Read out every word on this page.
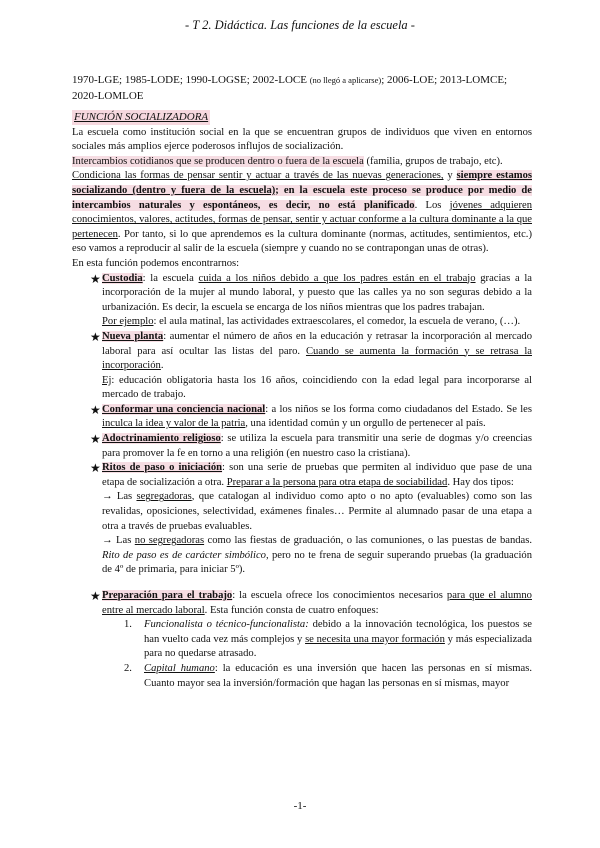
- T 2. Didáctica. Las funciones de la escuela -
1970-LGE; 1985-LODE; 1990-LOGSE; 2002-LOCE (no llegó a aplicarse); 2006-LOE; 2013-LOMCE;
2020-LOMLOE
FUNCIÓN SOCIALIZADORA

La escuela como institución social en la que se encuentran grupos de individuos que viven en entornos sociales más amplios ejerce poderosos influjos de socialización.

Intercambios cotidianos que se producen dentro o fuera de la escuela (familia, grupos de trabajo, etc).

Condiciona las formas de pensar sentir y actuar a través de las nuevas generaciones, y siempre estamos socializando (dentro y fuera de la escuela); en la escuela este proceso se produce por medio de intercambios naturales y espontáneos, es decir, no está planificado. Los jóvenes adquieren conocimientos, valores, actitudes, formas de pensar, sentir y actuar conforme a la cultura dominante a la que pertenecen. Por tanto, si lo que aprendemos es la cultura dominante (normas, actitudes, sentimientos, etc.) eso vamos a reproducir al salir de la escuela (siempre y cuando no se contrapongan unas de otras).

En esta función podemos encontrarnos:

★ Custodia: la escuela cuida a los niños debido a que los padres están en el trabajo gracias a la incorporación de la mujer al mundo laboral, y puesto que las calles ya no son seguras debido a la urbanización. Es decir, la escuela se encarga de los niños mientras que los padres trabajan.

Por ejemplo: el aula matinal, las actividades extraescolares, el comedor, la escuela de verano, (…).

★ Nueva planta: aumentar el número de años en la educación y retrasar la incorporación al mercado laboral para así ocultar las listas del paro. Cuando se aumenta la formación y se retrasa la incorporación.

Ej: educación obligatoria hasta los 16 años, coincidiendo con la edad legal para incorporarse al mercado de trabajo.

★ Conformar una conciencia nacional: a los niños se los forma como ciudadanos del Estado. Se les inculca la idea y valor de la patria, una identidad común y un orgullo de pertenecer al país.

★ Adoctrinamiento religioso: se utiliza la escuela para transmitir una serie de dogmas y/o creencias para promover la fe en torno a una religión (en nuestro caso la cristiana).

★ Ritos de paso o iniciación: son una serie de pruebas que permiten al individuo que pase de una etapa de socialización a otra. Preparar a la persona para otra etapa de sociabilidad. Hay dos tipos:

→ Las segregadoras, que catalogan al individuo como apto o no apto (evaluables) como son las revalidas, oposiciones, selectividad, exámenes finales… Permite al alumnado pasar de una etapa a otra a través de pruebas evaluables.

→ Las no segregadoras como las fiestas de graduación, o las comuniones, o las puestas de bandas. Rito de paso es de carácter simbólico, pero no te frena de seguir superando pruebas (la graduación de 4º de primaria, para iniciar 5º).

★ Preparación para el trabajo: la escuela ofrece los conocimientos necesarios para que el alumno entre al mercado laboral. Esta función consta de cuatro enfoques:

1. Funcionalista o técnico-funcionalista: debido a la innovación tecnológica, los puestos se han vuelto cada vez más complejos y se necesita una mayor formación y más especializada para no quedarse atrasado.

2. Capital humano: la educación es una inversión que hacen las personas en sí mismas. Cuanto mayor sea la inversión/formación que hagan las personas en sí mismas, mayor

-1-
